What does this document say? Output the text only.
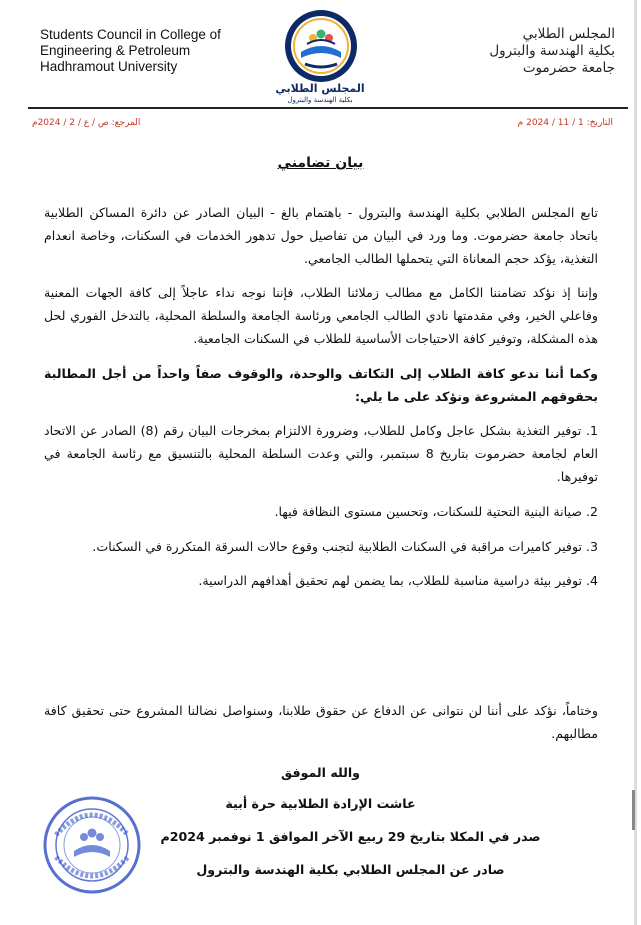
Students Council in College of
Engineering & Petroleum
Hadhramout University
المجلس الطلابي
بكلية الهندسة والبترول
جامعة حضرموت
المجلس الطلابي
بكلية الهندسة والبترول
التاريخ: 1 / 11 / 2024 م
المرجع: ص / ع / 2 / 2024م
بيان تضامني

تابع المجلس الطلابي بكلية الهندسة والبترول - باهتمام بالغ - البيان الصادر عن دائرة المساكن الطلابية باتحاد جامعة حضرموت. وما ورد في البيان من تفاصيل حول تدهور الخدمات في السكنات، وخاصة انعدام التغذية، يؤكد حجم المعاناة التي يتحملها الطالب الجامعي.

وإننا إذ نؤكد تضامننا الكامل مع مطالب زملائنا الطلاب، فإننا نوجه نداء عاجلاً إلى كافة الجهات المعنية وفاعلي الخير، وفي مقدمتها نادي الطالب الجامعي ورئاسة الجامعة والسلطة المحلية، بالتدخل الفوري لحل هذه المشكلة، وتوفير كافة الاحتياجات الأساسية للطلاب في السكنات الجامعية.

وكما أننا ندعو كافة الطلاب إلى التكاتف والوحدة، والوقوف صفاً واحداً من أجل المطالبة بحقوقهم المشروعة ونؤكد على ما يلي:

1. توفير التغذية بشكل عاجل وكامل للطلاب، وضرورة الالتزام بمخرجات البيان رقم (8) الصادر عن الاتحاد العام لجامعة حضرموت بتاريخ 8 سبتمبر، والتي وعدت السلطة المحلية بالتنسيق مع رئاسة الجامعة في توفيرها.

2. صيانة البنية التحتية للسكنات، وتحسين مستوى النظافة فيها.

3. توفير كاميرات مراقبة في السكنات الطلابية لتجنب وقوع حالات السرقة المتكررة في السكنات.

4. توفير بيئة دراسية مناسبة للطلاب، بما يضمن لهم تحقيق أهدافهم الدراسية.

وختاماً، نؤكد على أننا لن نتوانى عن الدفاع عن حقوق طلابنا، وسنواصل نضالنا المشروع حتى تحقيق كافة مطالبهم.
والله الموفق
عاشت الإرادة الطلابية حرة أبية
صدر في المكلا بتاريخ 29 ربيع الآخر الموافق 1 نوفمبر 2024م
صادر عن المجلس الطلابي بكلية الهندسة والبترول
